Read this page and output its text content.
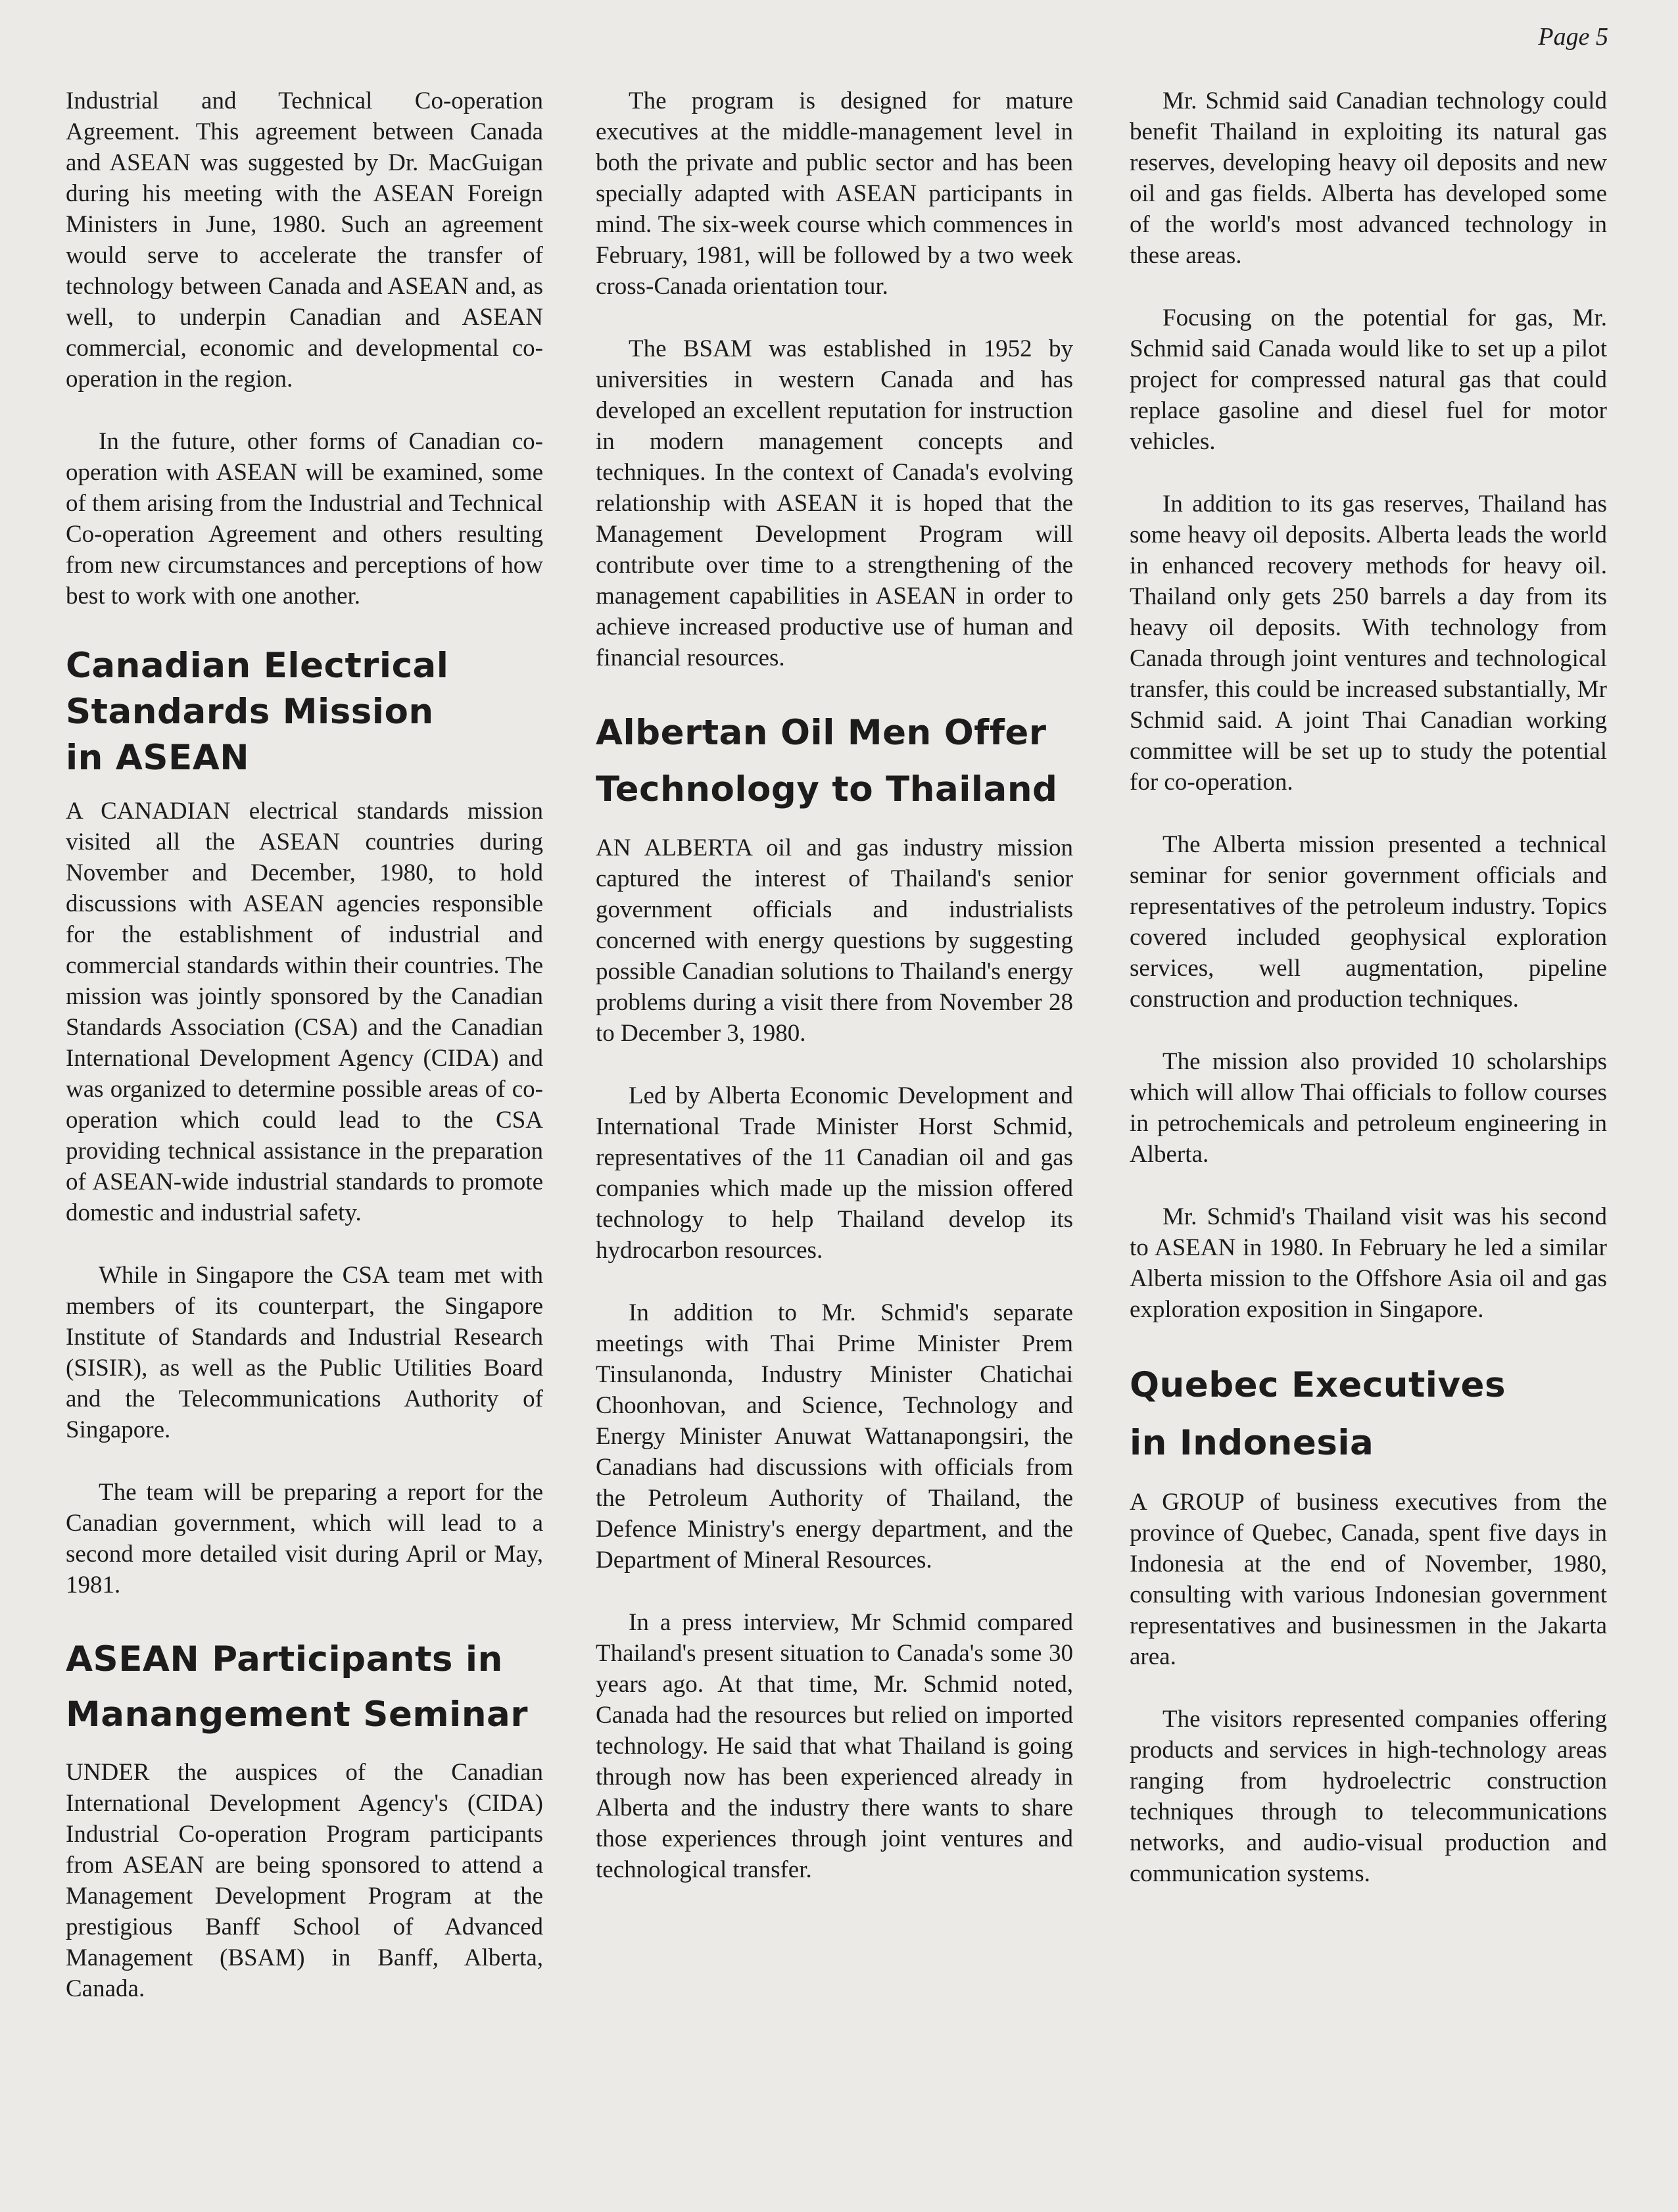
Page 5

Industrial and Technical Co-operation Agreement. This agreement between Canada and ASEAN was suggested by Dr. MacGuigan during his meeting with the ASEAN Foreign Ministers in June, 1980. Such an agreement would serve to accelerate the transfer of technology between Canada and ASEAN and, as well, to underpin Canadian and ASEAN commercial, economic and developmental co-operation in the region.

In the future, other forms of Canadian co-operation with ASEAN will be examined, some of them arising from the Industrial and Technical Co-operation Agreement and others resulting from new circumstances and perceptions of how best to work with one another.

Canadian Electrical
Standards Mission
in ASEAN

A CANADIAN electrical standards mission visited all the ASEAN countries during November and December, 1980, to hold discussions with ASEAN agencies responsible for the establishment of industrial and commercial standards within their countries. The mission was jointly sponsored by the Canadian Standards Association (CSA) and the Canadian International Development Agency (CIDA) and was organized to determine possible areas of co-operation which could lead to the CSA providing technical assistance in the preparation of ASEAN-wide industrial standards to promote domestic and industrial safety.

While in Singapore the CSA team met with members of its counterpart, the Singapore Institute of Standards and Industrial Research (SISIR), as well as the Public Utilities Board and the Telecommunications Authority of Singapore.

The team will be preparing a report for the Canadian government, which will lead to a second more detailed visit during April or May, 1981.

ASEAN Participants in
Manangement Seminar

UNDER the auspices of the Canadian International Development Agency's (CIDA) Industrial Co-operation Program participants from ASEAN are being sponsored to attend a Management Development Program at the prestigious Banff School of Advanced Management (BSAM) in Banff, Alberta, Canada.

The program is designed for mature executives at the middle-management level in both the private and public sector and has been specially adapted with ASEAN participants in mind. The six-week course which commences in February, 1981, will be followed by a two week cross-Canada orientation tour.

The BSAM was established in 1952 by universities in western Canada and has developed an excellent reputation for instruction in modern management concepts and techniques. In the context of Canada's evolving relationship with ASEAN it is hoped that the Management Development Program will contribute over time to a strengthening of the management capabilities in ASEAN in order to achieve increased productive use of human and financial resources.

Albertan Oil Men Offer
Technology to Thailand

AN ALBERTA oil and gas industry mission captured the interest of Thailand's senior government officials and industrialists concerned with energy questions by suggesting possible Canadian solutions to Thailand's energy problems during a visit there from November 28 to December 3, 1980.

Led by Alberta Economic Development and International Trade Minister Horst Schmid, representatives of the 11 Canadian oil and gas companies which made up the mission offered technology to help Thailand develop its hydrocarbon resources.

In addition to Mr. Schmid's separate meetings with Thai Prime Minister Prem Tinsulanonda, Industry Minister Chatichai Choonhovan, and Science, Technology and Energy Minister Anuwat Wattanapongsiri, the Canadians had discussions with officials from the Petroleum Authority of Thailand, the Defence Ministry's energy department, and the Department of Mineral Resources.

In a press interview, Mr Schmid compared Thailand's present situation to Canada's some 30 years ago. At that time, Mr. Schmid noted, Canada had the resources but relied on imported technology. He said that what Thailand is going through now has been experienced already in Alberta and the industry there wants to share those experiences through joint ventures and technological transfer.

Mr. Schmid said Canadian technology could benefit Thailand in exploiting its natural gas reserves, developing heavy oil deposits and new oil and gas fields. Alberta has developed some of the world's most advanced technology in these areas.

Focusing on the potential for gas, Mr. Schmid said Canada would like to set up a pilot project for compressed natural gas that could replace gasoline and diesel fuel for motor vehicles.

In addition to its gas reserves, Thailand has some heavy oil deposits. Alberta leads the world in enhanced recovery methods for heavy oil. Thailand only gets 250 barrels a day from its heavy oil deposits. With technology from Canada through joint ventures and technological transfer, this could be increased substantially, Mr Schmid said. A joint Thai Canadian working committee will be set up to study the potential for co-operation.

The Alberta mission presented a technical seminar for senior government officials and representatives of the petroleum industry. Topics covered included geophysical exploration services, well augmentation, pipeline construction and production techniques.

The mission also provided 10 scholarships which will allow Thai officials to follow courses in petrochemicals and petroleum engineering in Alberta.

Mr. Schmid's Thailand visit was his second to ASEAN in 1980. In February he led a similar Alberta mission to the Offshore Asia oil and gas exploration exposition in Singapore.

Quebec Executives
in Indonesia

A GROUP of business executives from the province of Quebec, Canada, spent five days in Indonesia at the end of November, 1980, consulting with various Indonesian government representatives and businessmen in the Jakarta area.

The visitors represented companies offering products and services in high-technology areas ranging from hydroelectric construction techniques through to telecommunications networks, and audio-visual production and communication systems.
